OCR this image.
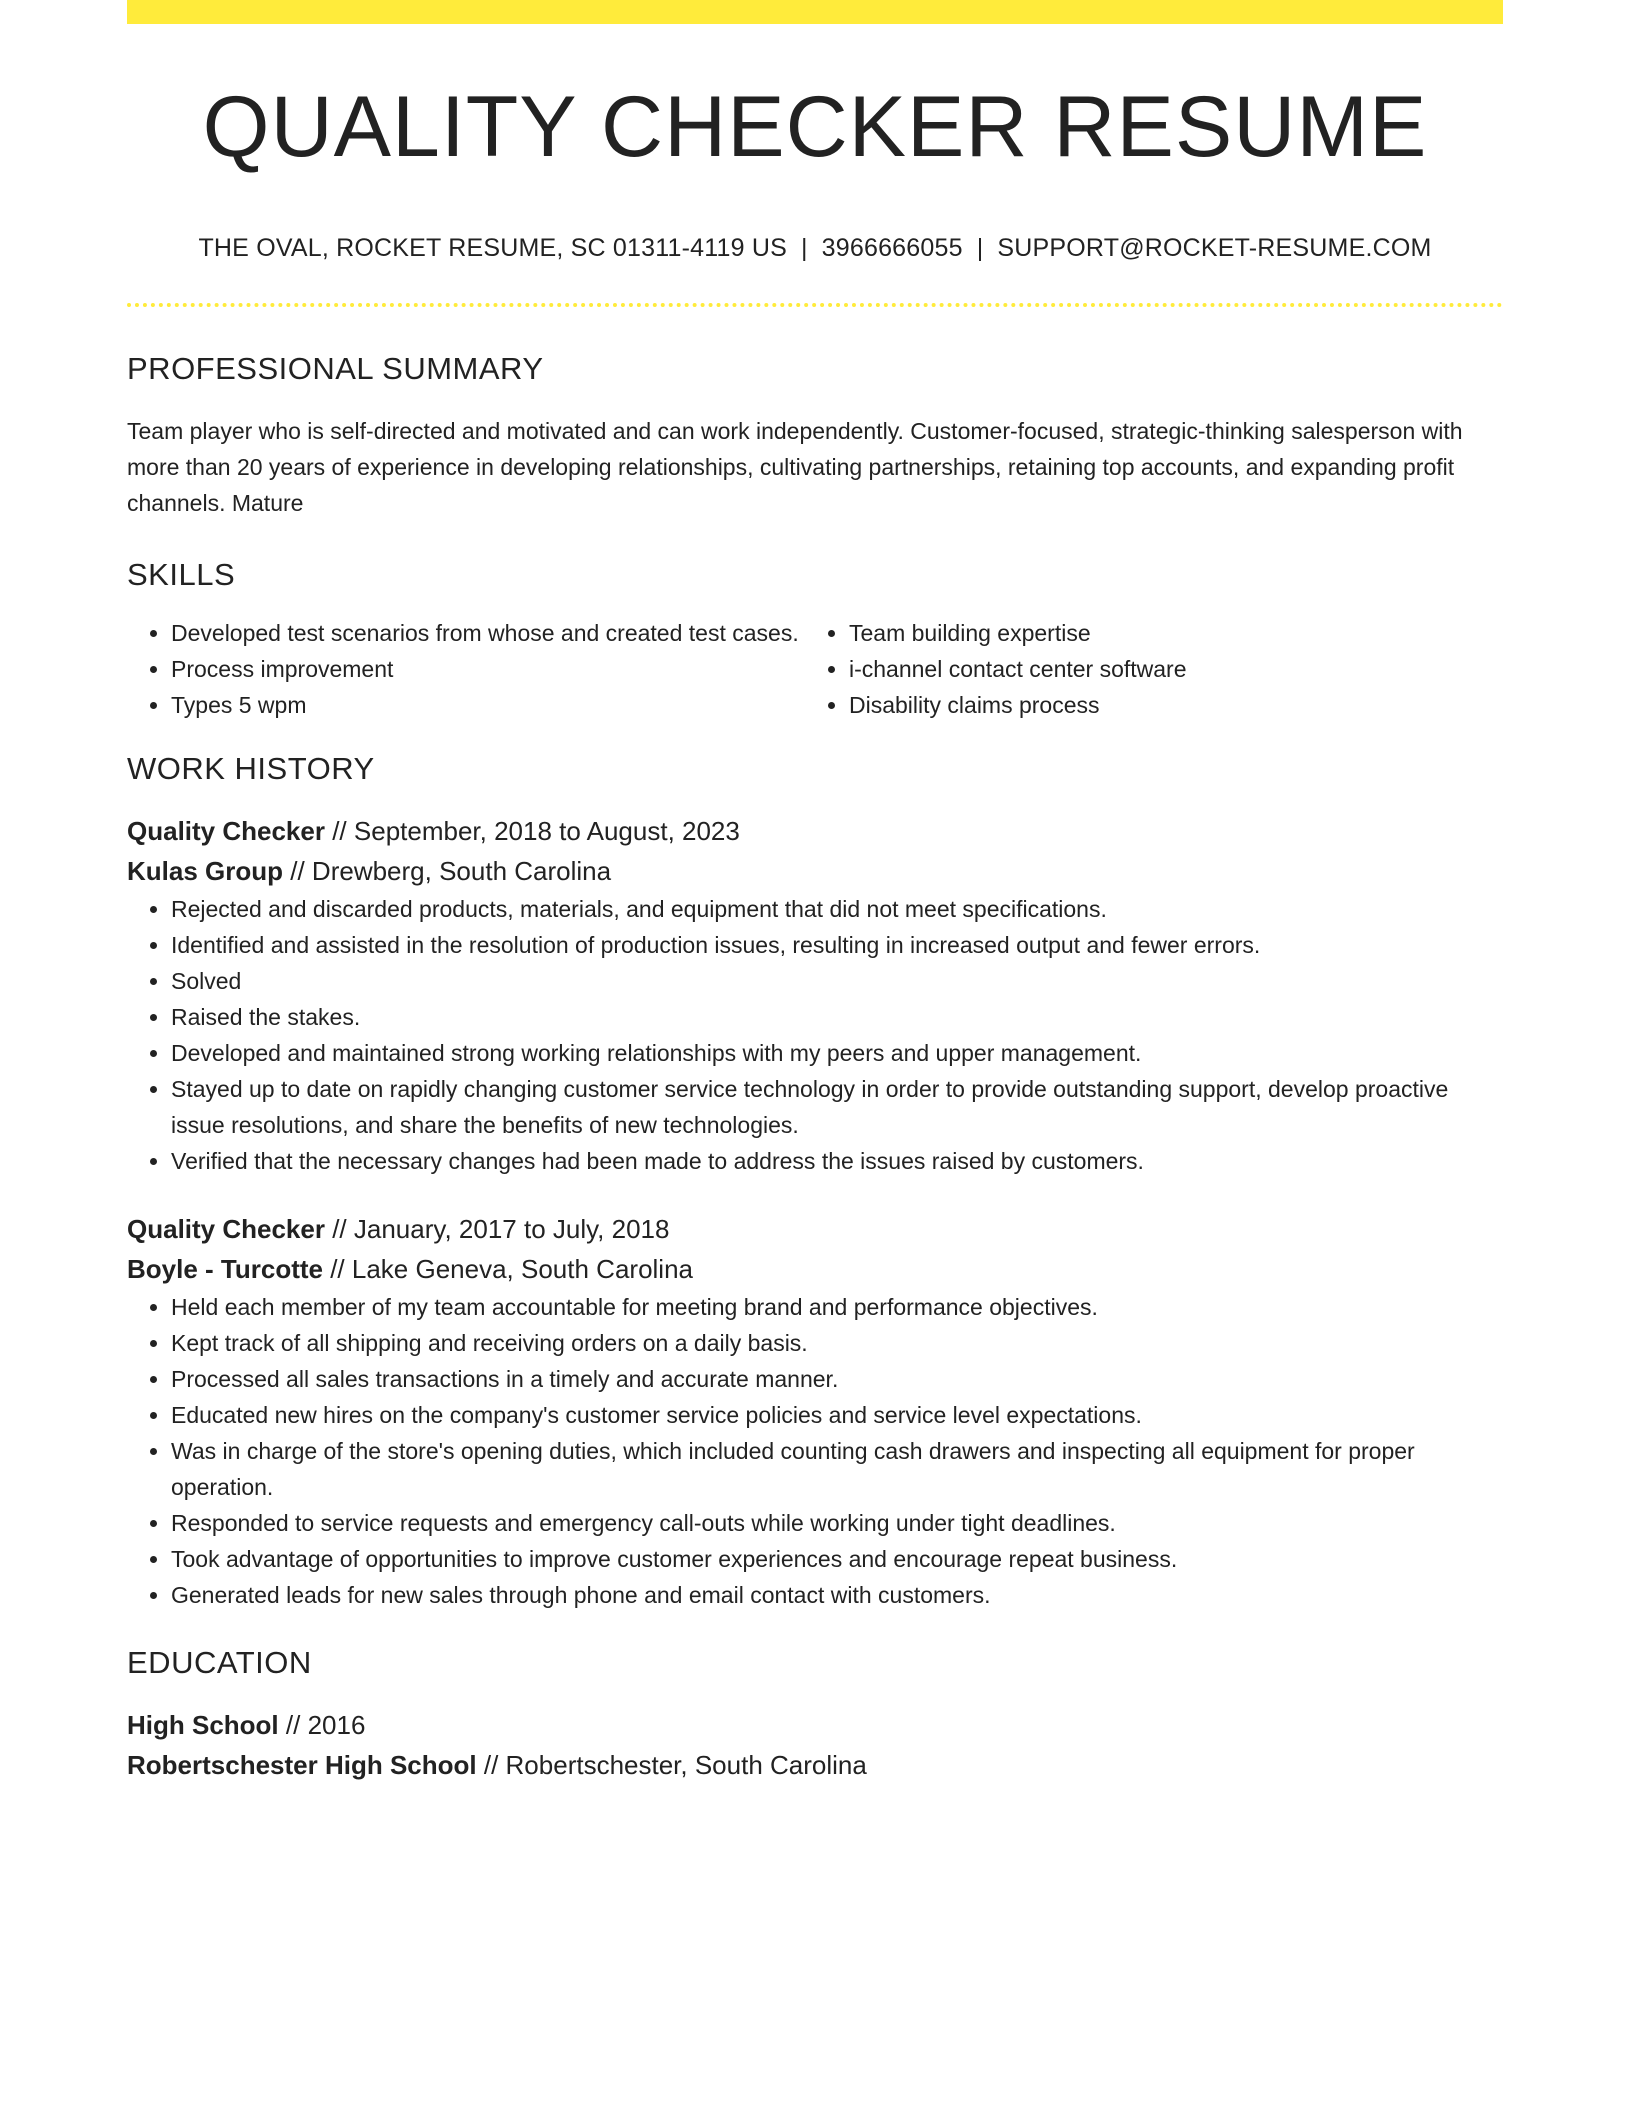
QUALITY CHECKER RESUME
THE OVAL, ROCKET RESUME, SC 01311-4119 US | 3966666055 | SUPPORT@ROCKET-RESUME.COM
PROFESSIONAL SUMMARY
Team player who is self-directed and motivated and can work independently. Customer-focused, strategic-thinking salesperson with more than 20 years of experience in developing relationships, cultivating partnerships, retaining top accounts, and expanding profit channels. Mature
SKILLS
• Developed test scenarios from whose and created test cases.
• Process improvement
• Types 5 wpm
• Team building expertise
• i-channel contact center software
• Disability claims process
WORK HISTORY
Quality Checker // September, 2018 to August, 2023
Kulas Group // Drewberg, South Carolina
• Rejected and discarded products, materials, and equipment that did not meet specifications.
• Identified and assisted in the resolution of production issues, resulting in increased output and fewer errors.
• Solved
• Raised the stakes.
• Developed and maintained strong working relationships with my peers and upper management.
• Stayed up to date on rapidly changing customer service technology in order to provide outstanding support, develop proactive issue resolutions, and share the benefits of new technologies.
• Verified that the necessary changes had been made to address the issues raised by customers.
Quality Checker // January, 2017 to July, 2018
Boyle - Turcotte // Lake Geneva, South Carolina
• Held each member of my team accountable for meeting brand and performance objectives.
• Kept track of all shipping and receiving orders on a daily basis.
• Processed all sales transactions in a timely and accurate manner.
• Educated new hires on the company's customer service policies and service level expectations.
• Was in charge of the store's opening duties, which included counting cash drawers and inspecting all equipment for proper operation.
• Responded to service requests and emergency call-outs while working under tight deadlines.
• Took advantage of opportunities to improve customer experiences and encourage repeat business.
• Generated leads for new sales through phone and email contact with customers.
EDUCATION
High School // 2016
Robertschester High School // Robertschester, South Carolina
